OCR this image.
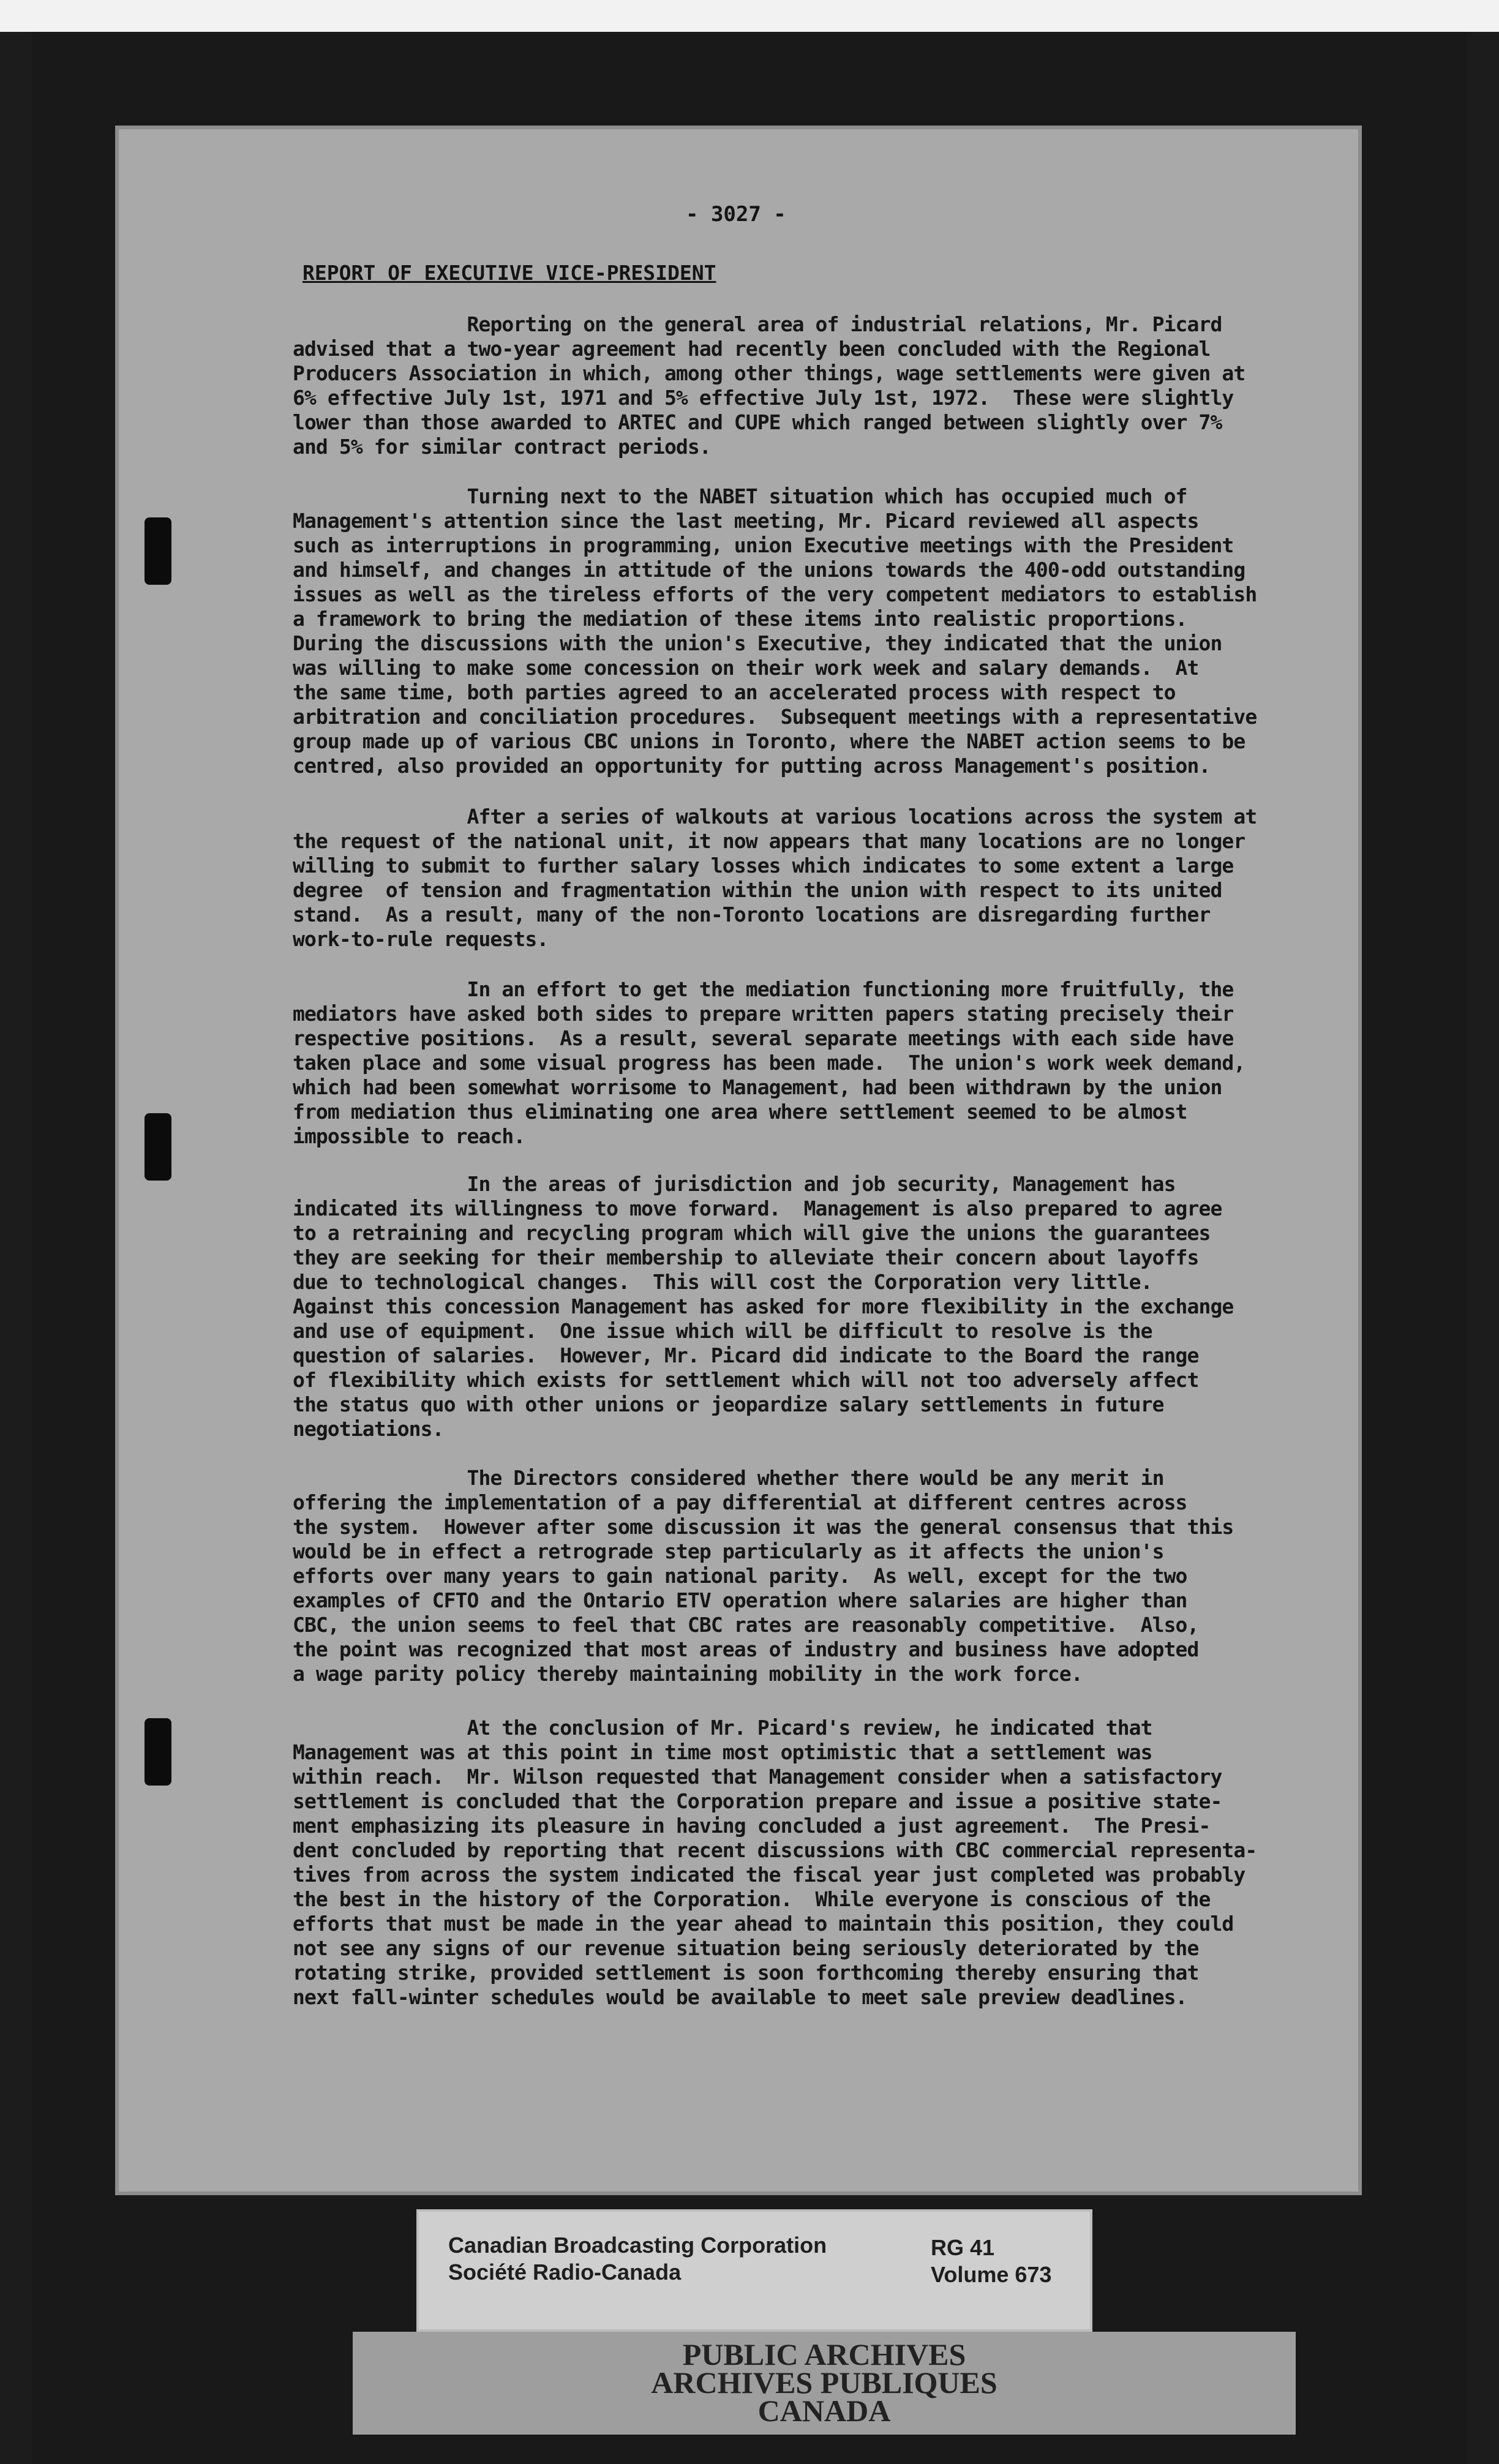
- 3027 -
REPORT OF EXECUTIVE VICE-PRESIDENT
Reporting on the general area of industrial relations, Mr. Picard
advised that a two-year agreement had recently been concluded with the Regional
Producers Association in which, among other things, wage settlements were given at
6% effective July 1st, 1971 and 5% effective July 1st, 1972.  These were slightly
lower than those awarded to ARTEC and CUPE which ranged between slightly over 7%
and 5% for similar contract periods.
Turning next to the NABET situation which has occupied much of
Management's attention since the last meeting, Mr. Picard reviewed all aspects
such as interruptions in programming, union Executive meetings with the President
and himself, and changes in attitude of the unions towards the 400-odd outstanding
issues as well as the tireless efforts of the very competent mediators to establish
a framework to bring the mediation of these items into realistic proportions.
During the discussions with the union's Executive, they indicated that the union
was willing to make some concession on their work week and salary demands.  At
the same time, both parties agreed to an accelerated process with respect to
arbitration and conciliation procedures.  Subsequent meetings with a representative
group made up of various CBC unions in Toronto, where the NABET action seems to be
centred, also provided an opportunity for putting across Management's position.
After a series of walkouts at various locations across the system at
the request of the national unit, it now appears that many locations are no longer
willing to submit to further salary losses which indicates to some extent a large
degree  of tension and fragmentation within the union with respect to its united
stand.  As a result, many of the non-Toronto locations are disregarding further
work-to-rule requests.
In an effort to get the mediation functioning more fruitfully, the
mediators have asked both sides to prepare written papers stating precisely their
respective positions.  As a result, several separate meetings with each side have
taken place and some visual progress has been made.  The union's work week demand,
which had been somewhat worrisome to Management, had been withdrawn by the union
from mediation thus eliminating one area where settlement seemed to be almost
impossible to reach.
In the areas of jurisdiction and job security, Management has
indicated its willingness to move forward.  Management is also prepared to agree
to a retraining and recycling program which will give the unions the guarantees
they are seeking for their membership to alleviate their concern about layoffs
due to technological changes.  This will cost the Corporation very little.
Against this concession Management has asked for more flexibility in the exchange
and use of equipment.  One issue which will be difficult to resolve is the
question of salaries.  However, Mr. Picard did indicate to the Board the range
of flexibility which exists for settlement which will not too adversely affect
the status quo with other unions or jeopardize salary settlements in future
negotiations.
The Directors considered whether there would be any merit in
offering the implementation of a pay differential at different centres across
the system.  However after some discussion it was the general consensus that this
would be in effect a retrograde step particularly as it affects the union's
efforts over many years to gain national parity.  As well, except for the two
examples of CFTO and the Ontario ETV operation where salaries are higher than
CBC, the union seems to feel that CBC rates are reasonably competitive.  Also,
the point was recognized that most areas of industry and business have adopted
a wage parity policy thereby maintaining mobility in the work force.
At the conclusion of Mr. Picard's review, he indicated that
Management was at this point in time most optimistic that a settlement was
within reach.  Mr. Wilson requested that Management consider when a satisfactory
settlement is concluded that the Corporation prepare and issue a positive state-
ment emphasizing its pleasure in having concluded a just agreement.  The Presi-
dent concluded by reporting that recent discussions with CBC commercial representa-
tives from across the system indicated the fiscal year just completed was probably
the best in the history of the Corporation.  While everyone is conscious of the
efforts that must be made in the year ahead to maintain this position, they could
not see any signs of our revenue situation being seriously deteriorated by the
rotating strike, provided settlement is soon forthcoming thereby ensuring that
next fall-winter schedules would be available to meet sale preview deadlines.
Canadian Broadcasting Corporation
Société Radio-Canada
RG 41
Volume 673
PUBLIC ARCHIVES
ARCHIVES PUBLIQUES
CANADA
